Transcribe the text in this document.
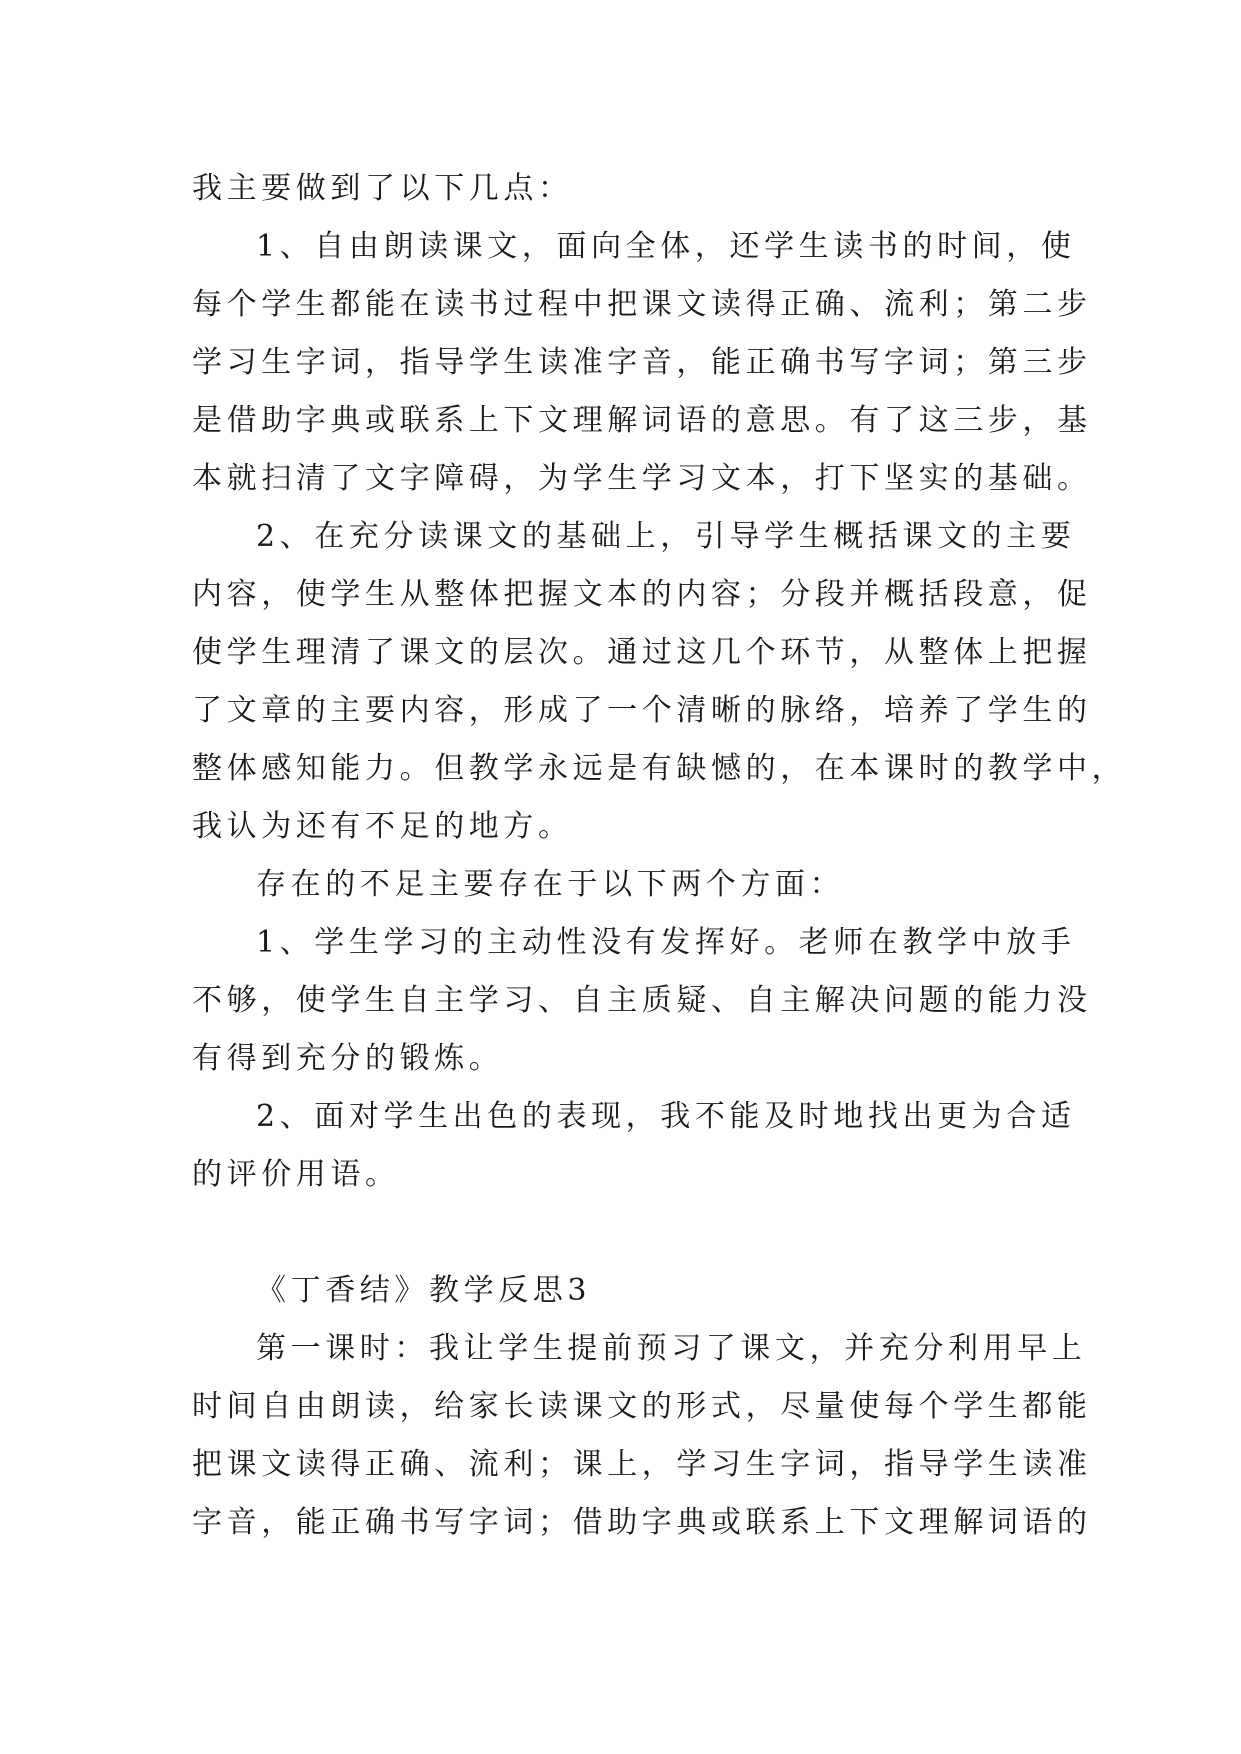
我主要做到了以下几点：
1、自由朗读课文，面向全体，还学生读书的时间，使
每个学生都能在读书过程中把课文读得正确、流利；第二步
学习生字词，指导学生读准字音，能正确书写字词；第三步
是借助字典或联系上下文理解词语的意思。有了这三步，基
本就扫清了文字障碍，为学生学习文本，打下坚实的基础。
2、在充分读课文的基础上，引导学生概括课文的主要
内容，使学生从整体把握文本的内容；分段并概括段意，促
使学生理清了课文的层次。通过这几个环节，从整体上把握
了文章的主要内容，形成了一个清晰的脉络，培养了学生的
整体感知能力。但教学永远是有缺憾的，在本课时的教学中，
我认为还有不足的地方。
存在的不足主要存在于以下两个方面：
1、学生学习的主动性没有发挥好。老师在教学中放手
不够，使学生自主学习、自主质疑、自主解决问题的能力没
有得到充分的锻炼。
2、面对学生出色的表现，我不能及时地找出更为合适
的评价用语。
《丁香结》教学反思3
第一课时：我让学生提前预习了课文，并充分利用早上
时间自由朗读，给家长读课文的形式，尽量使每个学生都能
把课文读得正确、流利；课上，学习生字词，指导学生读准
字音，能正确书写字词；借助字典或联系上下文理解词语的
